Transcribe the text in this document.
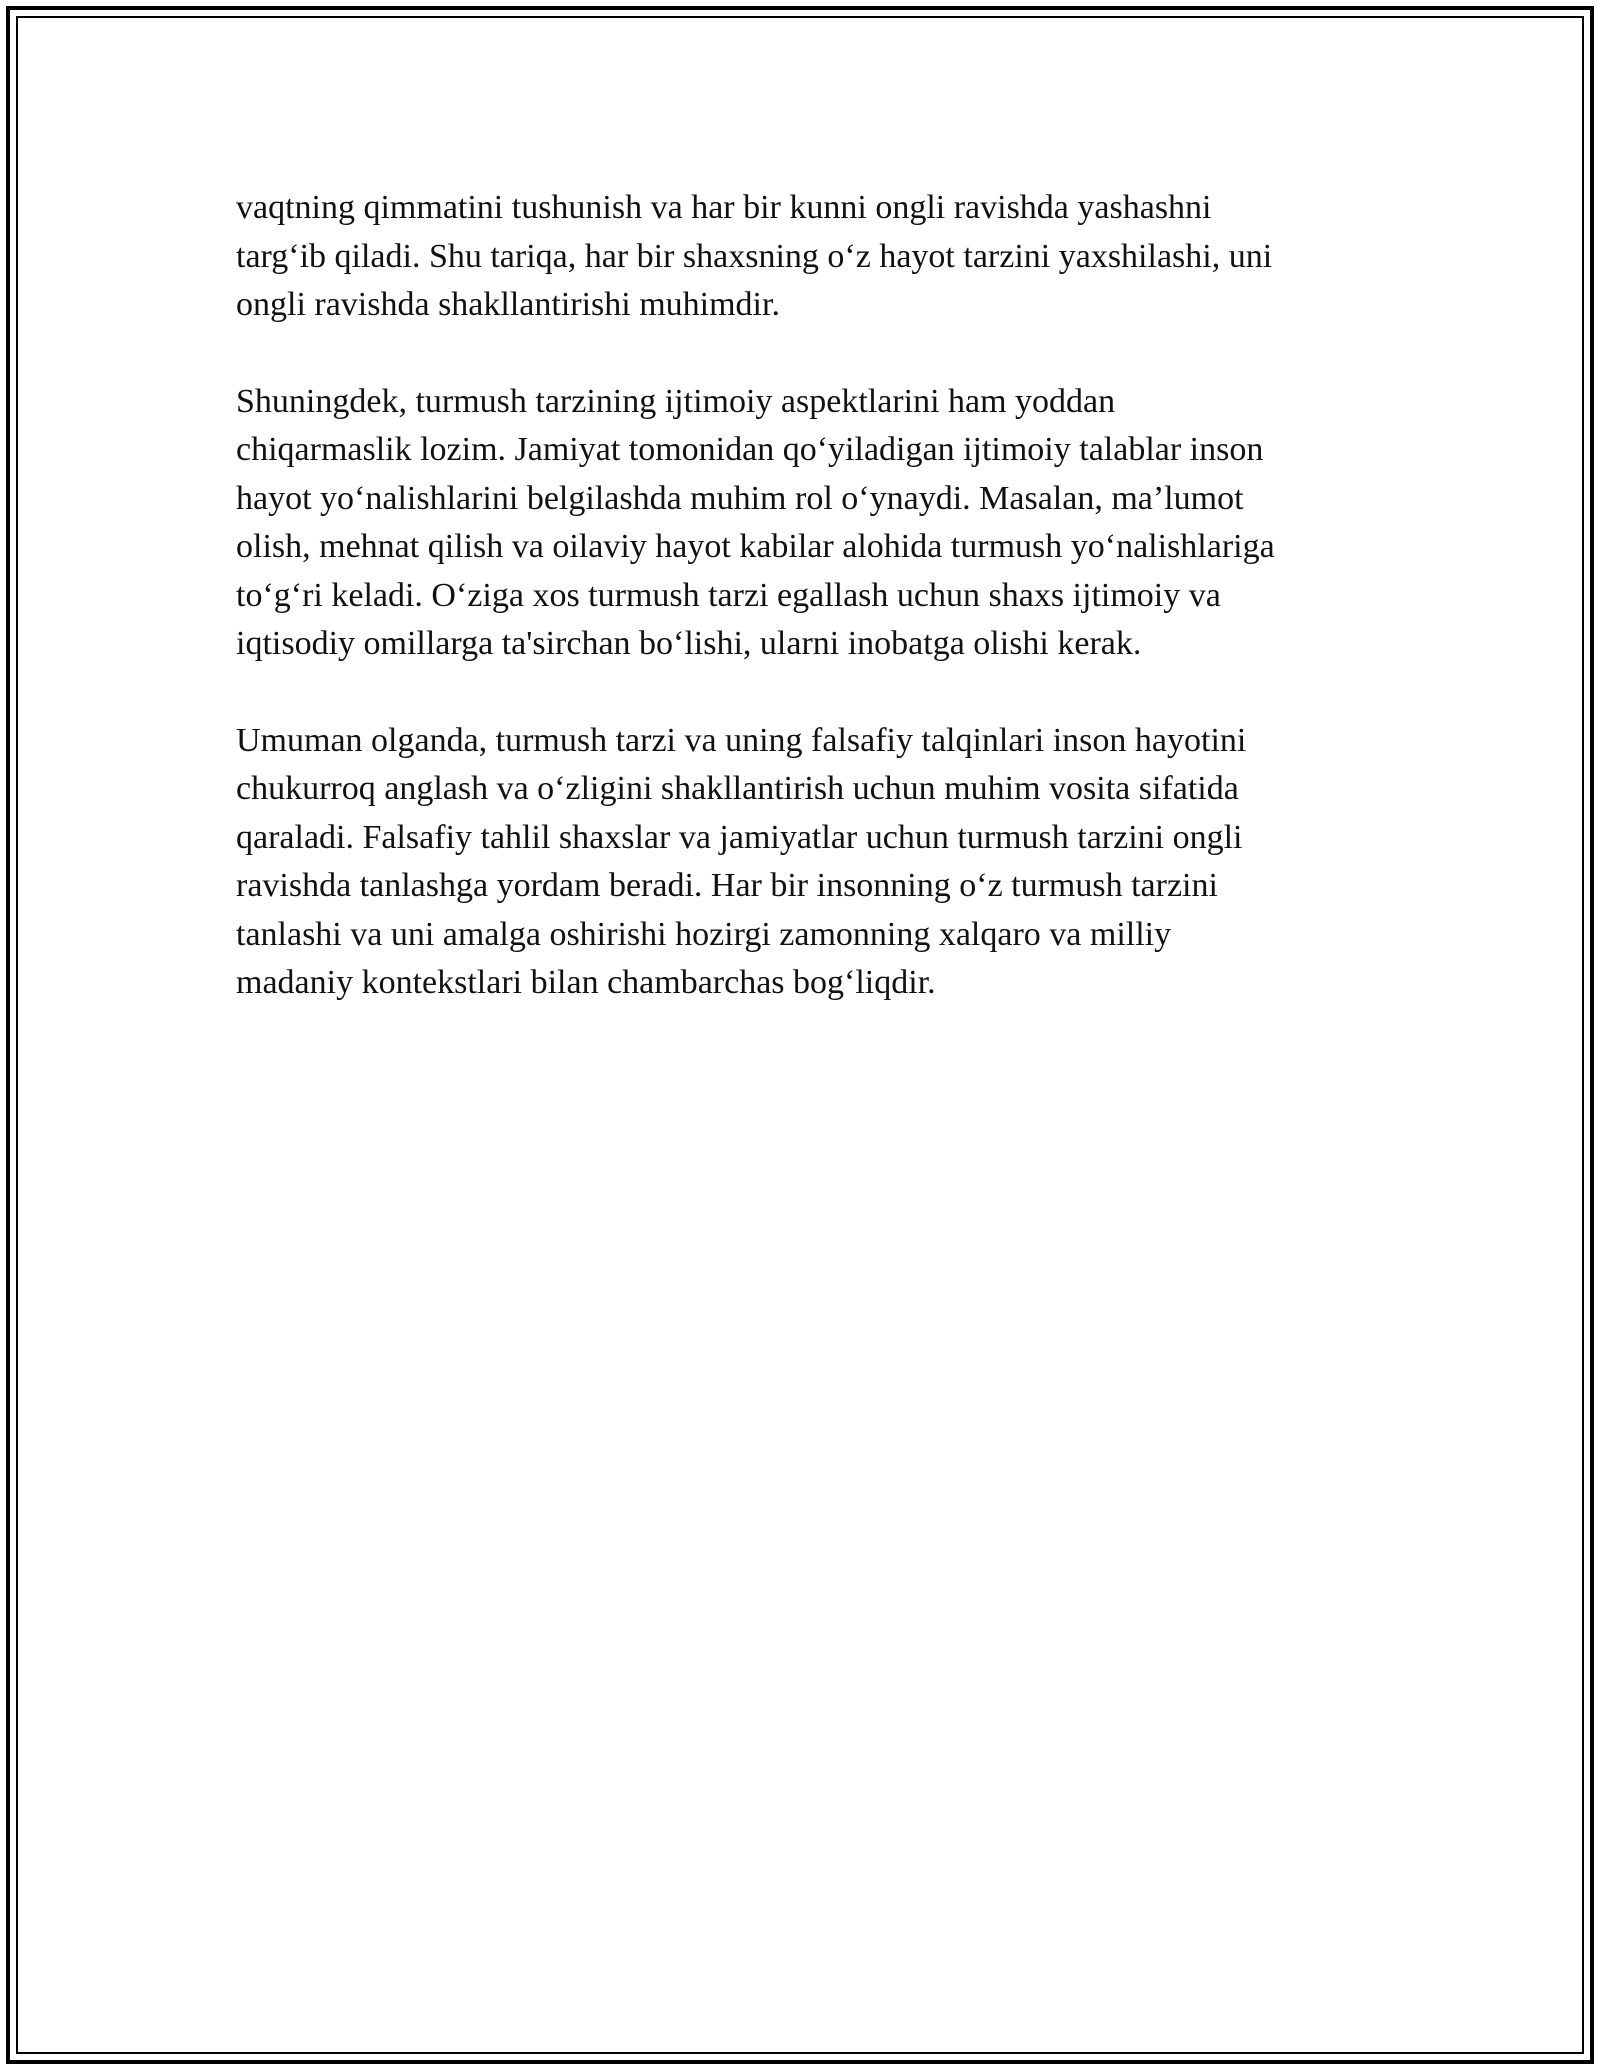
vaqtning qimmatini tushunish va har bir kunni ongli ravishda yashashni
targ‘ib qiladi. Shu tariqa, har bir shaxsning o‘z hayot tarzini yaxshilashi, uni
ongli ravishda shakllantirishi muhimdir.

Shuningdek, turmush tarzining ijtimoiy aspektlarini ham yoddan
chiqarmaslik lozim. Jamiyat tomonidan qo‘yiladigan ijtimoiy talablar inson
hayot yo‘nalishlarini belgilashda muhim rol o‘ynaydi. Masalan, ma’lumot
olish, mehnat qilish va oilaviy hayot kabilar alohida turmush yo‘nalishlariga
to‘g‘ri keladi. O‘ziga xos turmush tarzi egallash uchun shaxs ijtimoiy va
iqtisodiy omillarga ta'sirchan bo‘lishi, ularni inobatga olishi kerak.

Umuman olganda, turmush tarzi va uning falsafiy talqinlari inson hayotini
chukurroq anglash va o‘zligini shakllantirish uchun muhim vosita sifatida
qaraladi. Falsafiy tahlil shaxslar va jamiyatlar uchun turmush tarzini ongli
ravishda tanlashga yordam beradi. Har bir insonning o‘z turmush tarzini
tanlashi va uni amalga oshirishi hozirgi zamonning xalqaro va milliy
madaniy kontekstlari bilan chambarchas bog‘liqdir.
